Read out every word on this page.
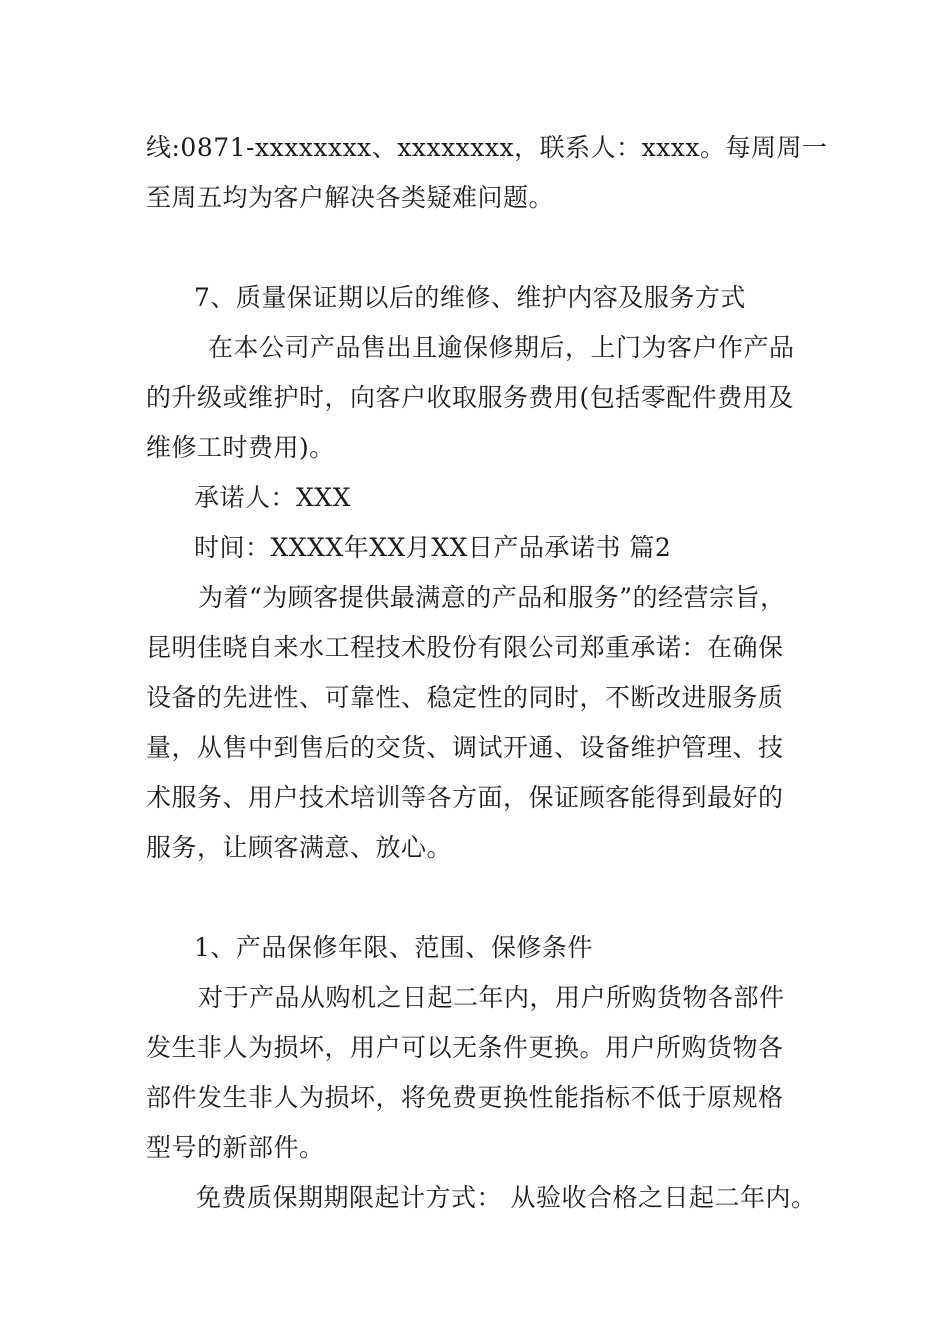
线:0871-xxxxxxxx、xxxxxxxx，联系人：xxxx。每周周一
至周五均为客户解决各类疑难问题。
7、质量保证期以后的维修、维护内容及服务方式
在本公司产品售出且逾保修期后，上门为客户作产品
的升级或维护时，向客户收取服务费用(包括零配件费用及
维修工时费用)。
承诺人：XXX
时间：XXXX年XX月XX日产品承诺书 篇2
为着“为顾客提供最满意的产品和服务”的经营宗旨，
昆明佳晓自来水工程技术股份有限公司郑重承诺：在确保
设备的先进性、可靠性、稳定性的同时，不断改进服务质
量，从售中到售后的交货、调试开通、设备维护管理、技
术服务、用户技术培训等各方面，保证顾客能得到最好的
服务，让顾客满意、放心。
1、产品保修年限、范围、保修条件
对于产品从购机之日起二年内，用户所购货物各部件
发生非人为损坏，用户可以无条件更换。用户所购货物各
部件发生非人为损坏，将免费更换性能指标不低于原规格
型号的新部件。
免费质保期期限起计方式： 从验收合格之日起二年内。
